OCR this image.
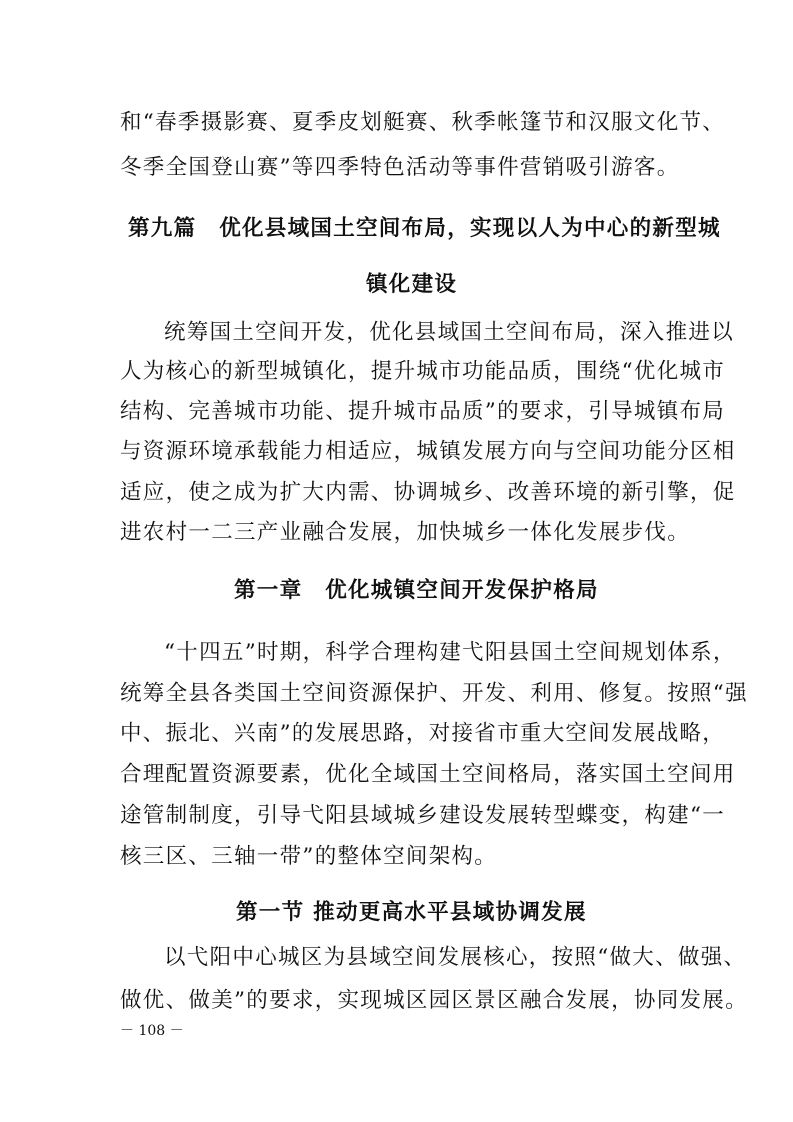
和“春季摄影赛、夏季皮划艇赛、秋季帐篷节和汉服文化节、
冬季全国登山赛”等四季特色活动等事件营销吸引游客。
第九篇　优化县域国土空间布局，实现以人为中心的新型城
镇化建设
统筹国土空间开发，优化县域国土空间布局，深入推进以
人为核心的新型城镇化，提升城市功能品质，围绕“优化城市
结构、完善城市功能、提升城市品质”的要求，引导城镇布局
与资源环境承载能力相适应，城镇发展方向与空间功能分区相
适应，使之成为扩大内需、协调城乡、改善环境的新引擎，促
进农村一二三产业融合发展，加快城乡一体化发展步伐。
第一章　优化城镇空间开发保护格局
“十四五”时期，科学合理构建弋阳县国土空间规划体系，
统筹全县各类国土空间资源保护、开发、利用、修复。按照“强
中、振北、兴南”的发展思路，对接省市重大空间发展战略，
合理配置资源要素，优化全域国土空间格局，落实国土空间用
途管制制度，引导弋阳县域城乡建设发展转型蝶变，构建“一
核三区、三轴一带”的整体空间架构。
第一节 推动更高水平县域协调发展
以弋阳中心城区为县域空间发展核心，按照“做大、做强、
做优、做美”的要求，实现城区园区景区融合发展，协同发展。
－ 108 －
